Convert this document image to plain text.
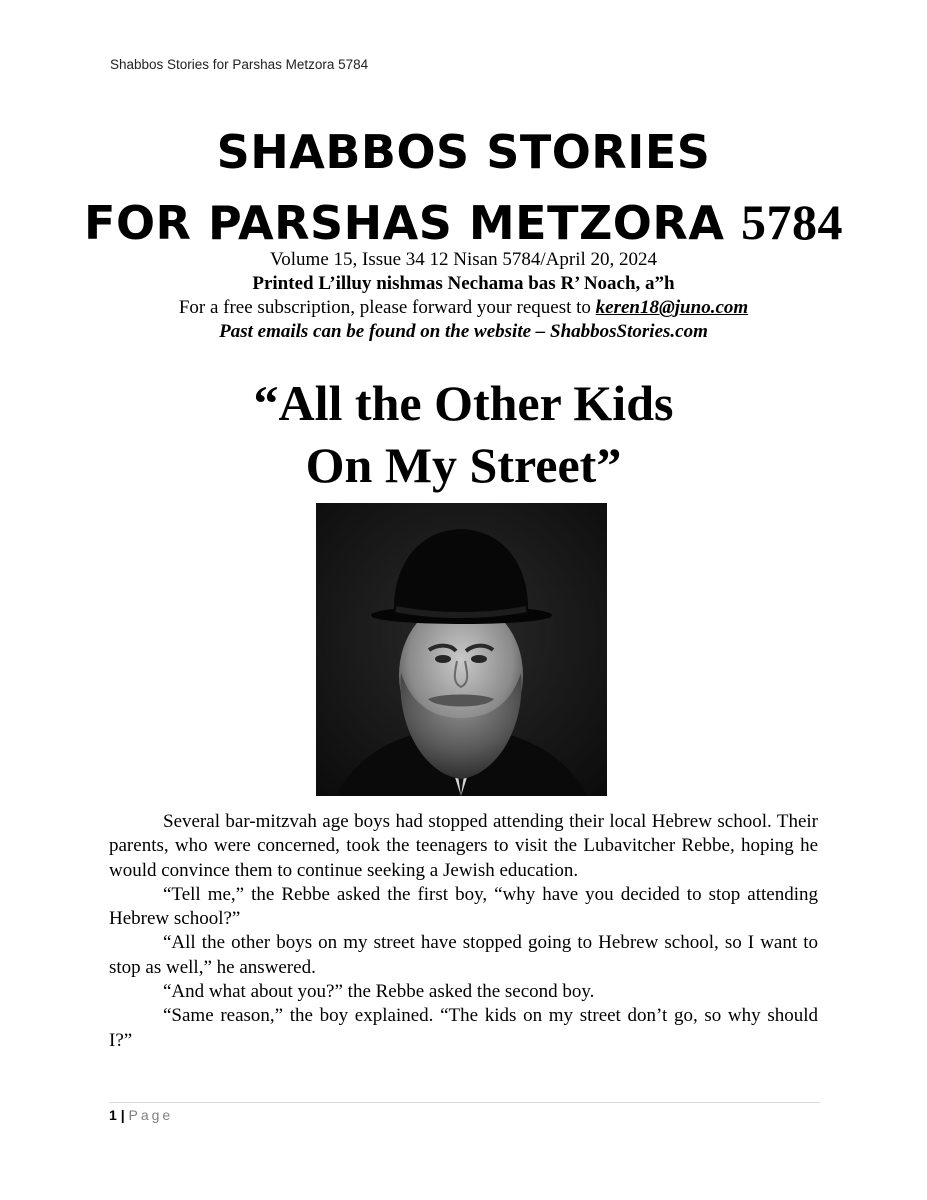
Shabbos Stories for Parshas Metzora 5784
SHABBOS STORIES
FOR PARSHAS METZORA 5784
Volume 15, Issue 34 12 Nisan 5784/April 20, 2024
Printed L’illuy nishmas Nechama bas R’ Noach, a”h
For a free subscription, please forward your request to keren18@juno.com
Past emails can be found on the website – ShabbosStories.com
“All the Other Kids
On My Street”

Several bar-mitzvah age boys had stopped attending their local Hebrew school. Their parents, who were concerned, took the teenagers to visit the Lubavitcher Rebbe, hoping he would convince them to continue seeking a Jewish education.

“Tell me,” the Rebbe asked the first boy, “why have you decided to stop attending Hebrew school?”

“All the other boys on my street have stopped going to Hebrew school, so I want to stop as well,” he answered.

“And what about you?” the Rebbe asked the second boy.

“Same reason,” the boy explained. “The kids on my street don’t go, so why should I?”

1 | Page
